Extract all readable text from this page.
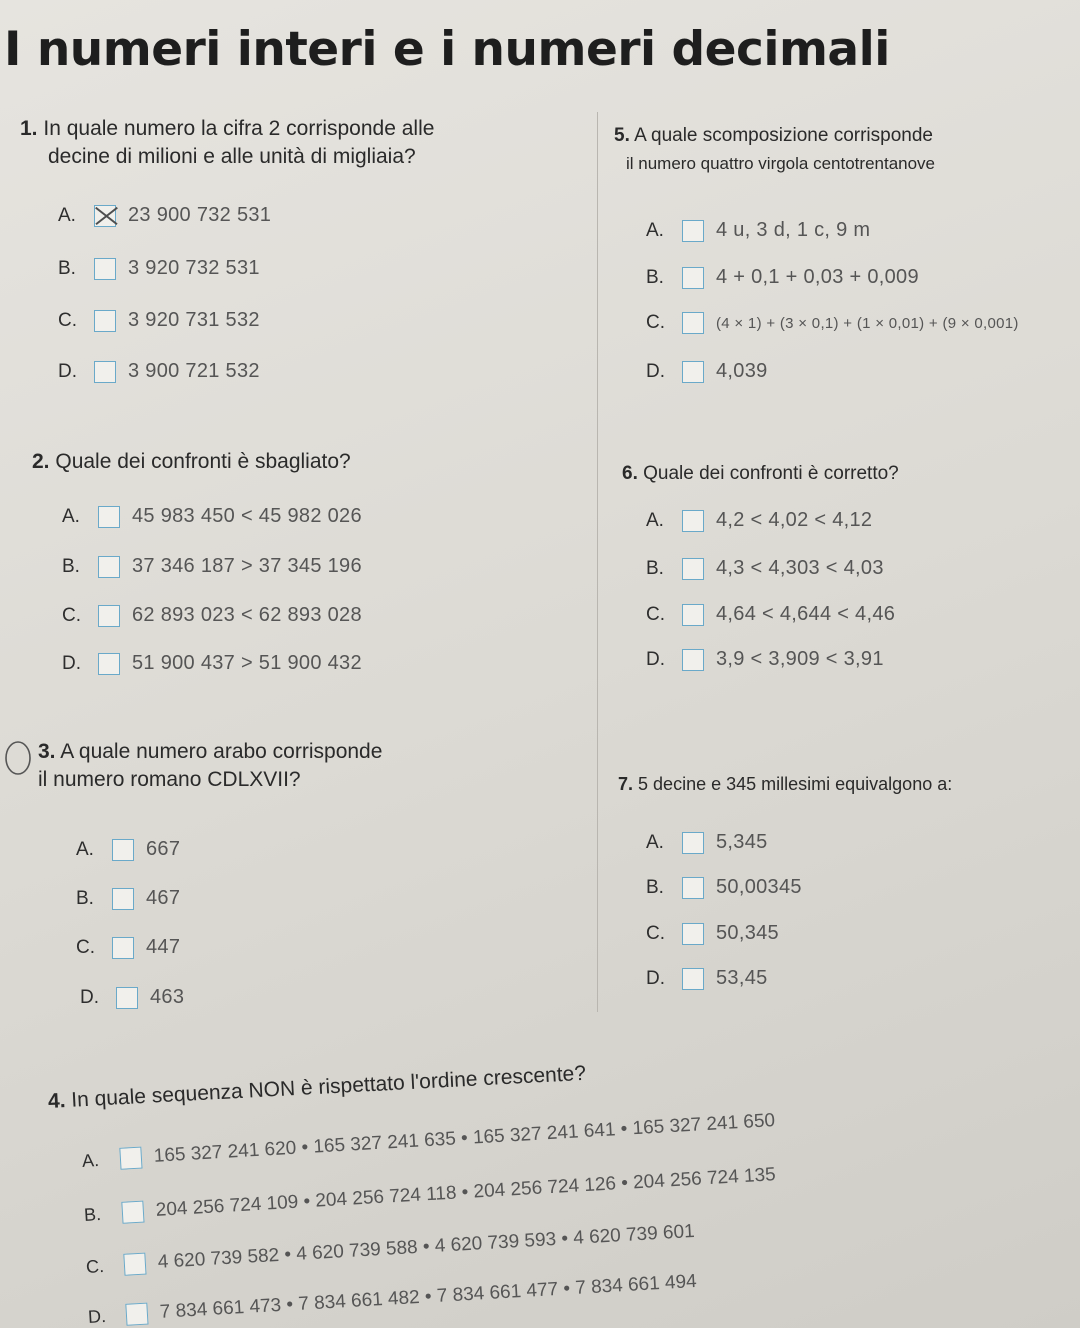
I numeri interi e i numeri decimali
1. In quale numero la cifra 2 corrisponde alle
decine di milioni e alle unità di migliaia?
A.	23 900 732 531
B.	3 920 732 531
C.	3 920 731 532
D.	3 900 721 532
2. Quale dei confronti è sbagliato?
A.	45 983 450 < 45 982 026
B.	37 346 187 > 37 345 196
C.	62 893 023 < 62 893 028
D.	51 900 437 > 51 900 432
3. A quale numero arabo corrisponde
il numero romano CDLXVII?
A.	667
B.	467
C.	447
D.	463
5. A quale scomposizione corrisponde
il numero quattro virgola centotrentanove
A.	4 u, 3 d, 1 c, 9 m
B.	4 + 0,1 + 0,03 + 0,009
C.	(4 × 1) + (3 × 0,1) + (1 × 0,01) + (9 × 0,001)
D.	4,039
6. Quale dei confronti è corretto?
A.	4,2 < 4,02 < 4,12
B.	4,3 < 4,303 < 4,03
C.	4,64 < 4,644 < 4,46
D.	3,9 < 3,909 < 3,91
7. 5 decine e 345 millesimi equivalgono a:
A.	5,345
B.	50,00345
C.	50,345
D.	53,45
4. In quale sequenza NON è rispettato l'ordine crescente?
A.	165 327 241 620 • 165 327 241 635 • 165 327 241 641 • 165 327 241 650
B.	204 256 724 109 • 204 256 724 118 • 204 256 724 126 • 204 256 724 135
C.	4 620 739 582 • 4 620 739 588 • 4 620 739 593 • 4 620 739 601
D.	7 834 661 473 • 7 834 661 482 • 7 834 661 477 • 7 834 661 494
